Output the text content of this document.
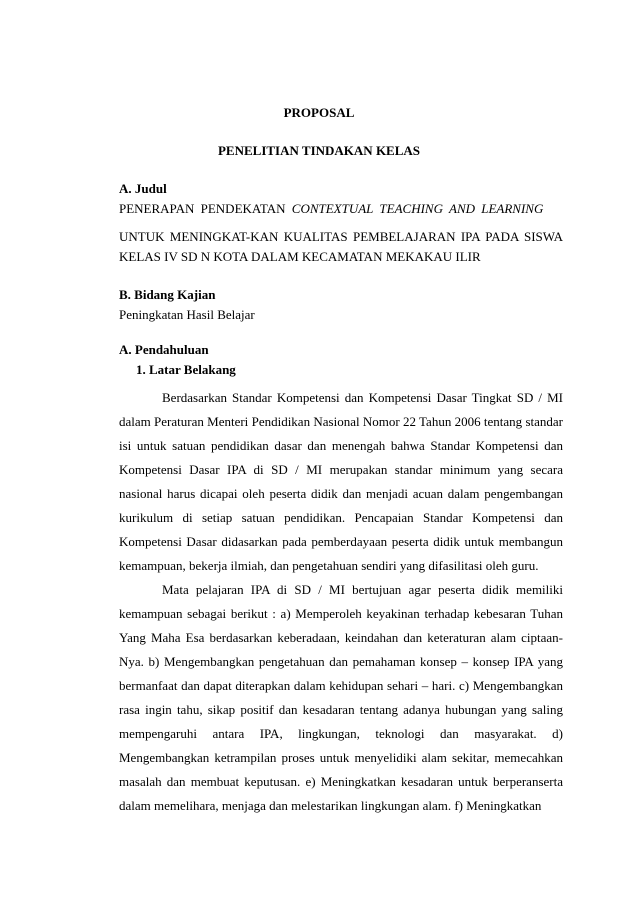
PROPOSAL

PENELITIAN TINDAKAN KELAS

A. Judul

PENERAPAN PENDEKATAN CONTEXTUAL TEACHING AND LEARNING

UNTUK MENINGKAT-KAN KUALITAS PEMBELAJARAN IPA PADA SISWA

KELAS IV SD N KOTA DALAM KECAMATAN MEKAKAU ILIR

B. Bidang Kajian

Peningkatan Hasil Belajar

A. Pendahuluan

1. Latar Belakang

Berdasarkan Standar Kompetensi dan Kompetensi Dasar Tingkat SD / MI

dalam Peraturan Menteri Pendidikan Nasional Nomor 22 Tahun 2006 tentang standar

isi untuk satuan pendidikan dasar dan menengah bahwa Standar Kompetensi dan

Kompetensi Dasar IPA di SD / MI merupakan standar minimum yang secara

nasional harus dicapai oleh peserta didik dan menjadi acuan dalam pengembangan

kurikulum di setiap satuan pendidikan. Pencapaian Standar Kompetensi dan

Kompetensi Dasar didasarkan pada pemberdayaan peserta didik untuk membangun

kemampuan, bekerja ilmiah, dan pengetahuan sendiri yang difasilitasi oleh guru.

Mata pelajaran IPA di SD / MI bertujuan agar peserta didik memiliki

kemampuan sebagai berikut : a) Memperoleh keyakinan terhadap kebesaran Tuhan

Yang Maha Esa berdasarkan keberadaan, keindahan dan keteraturan alam ciptaan-

Nya. b) Mengembangkan pengetahuan dan pemahaman konsep – konsep IPA yang

bermanfaat dan dapat diterapkan dalam kehidupan sehari – hari. c) Mengembangkan

rasa ingin tahu, sikap positif dan kesadaran tentang adanya hubungan yang saling

mempengaruhi antara IPA, lingkungan, teknologi dan masyarakat. d)

Mengembangkan ketrampilan proses untuk menyelidiki alam sekitar, memecahkan

masalah dan membuat keputusan. e) Meningkatkan kesadaran untuk berperanserta

dalam memelihara, menjaga dan melestarikan lingkungan alam. f) Meningkatkan
